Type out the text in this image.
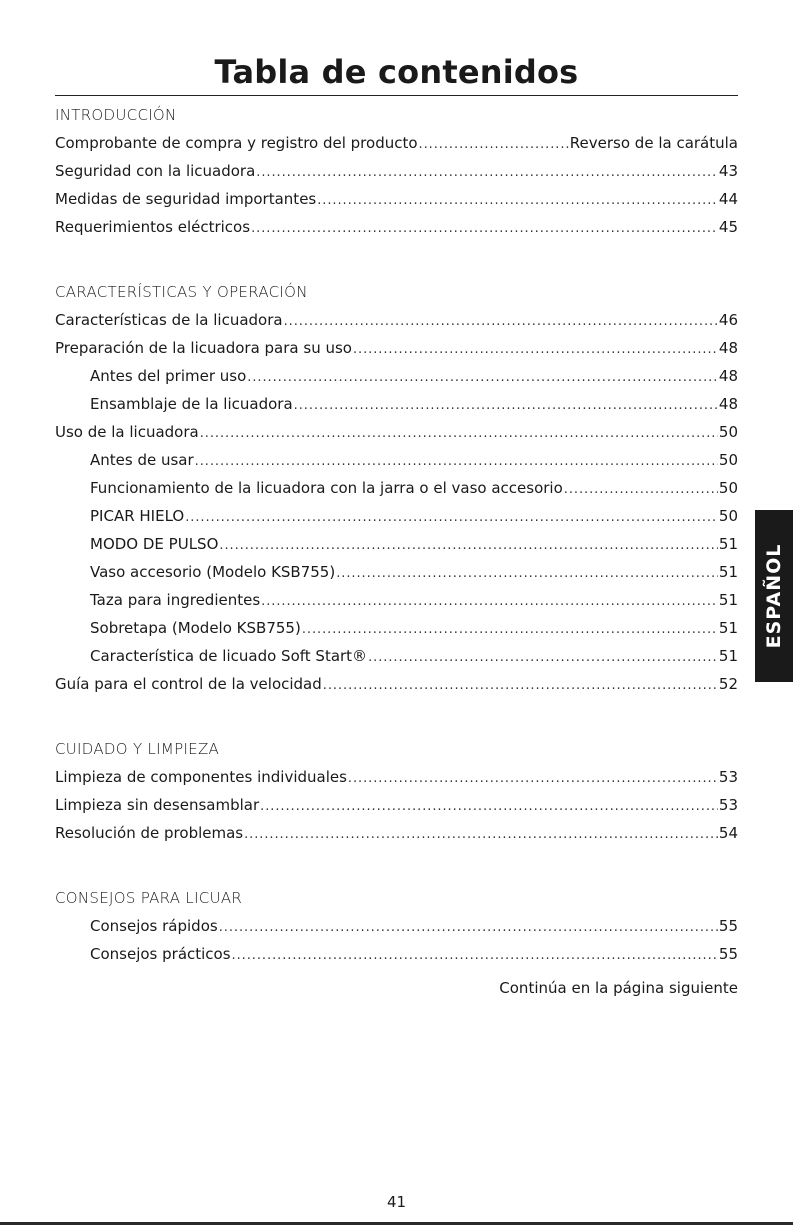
Tabla de contenidos
INTRODUCCIÓN
Comprobante de compra y registro del producto . . .	Reverso de la carátula
Seguridad con la licuadora . . .	43
Medidas de seguridad importantes . . .	44
Requerimientos eléctricos . . .	45
CARACTERÍSTICAS Y OPERACIÓN
Características de la licuadora . . .	46
Preparación de la licuadora para su uso . . .	48
Antes del primer uso . . .	48
Ensamblaje de la licuadora . . .	48
Uso de la licuadora . . .	50
Antes de usar . . .	50
Funcionamiento de la licuadora con la jarra o el vaso accesorio . . .	50
PICAR HIELO . . .	50
MODO DE PULSO . . .	51
Vaso accesorio (Modelo KSB755) . . .	51
Taza para ingredientes . . .	51
Sobretapa (Modelo KSB755) . . .	51
Característica de licuado Soft Start® . . .	51
Guía para el control de la velocidad . . .	52
CUIDADO Y LIMPIEZA
Limpieza de componentes individuales . . .	53
Limpieza sin desensamblar . . .	53
Resolución de problemas . . .	54
CONSEJOS PARA LICUAR
Consejos rápidos . . .	55
Consejos prácticos . . .	55
Continúa en la página siguiente
ESPAÑOL
41
